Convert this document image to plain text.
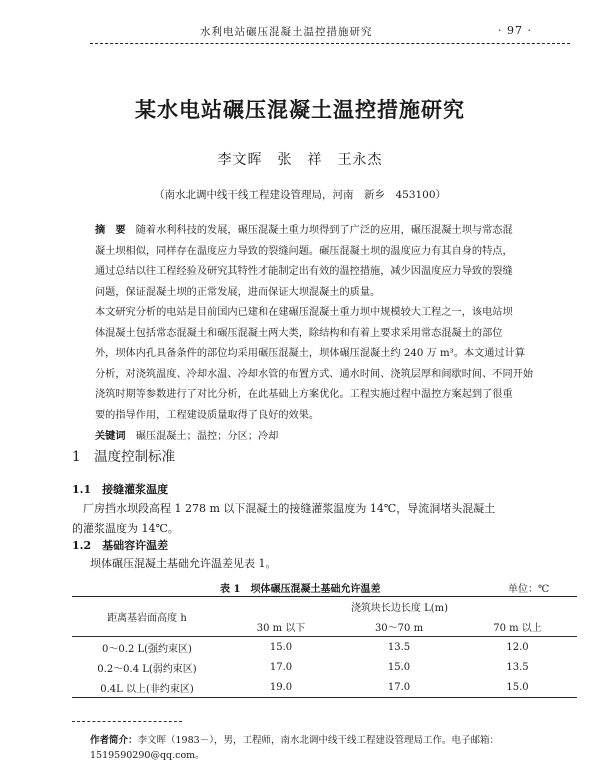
水利电站碾压混凝土温控措施研究	· 97 ·
某水电站碾压混凝土温控措施研究
李文晖　张　祥　王永杰
（南水北调中线干线工程建设管理局，河南　新乡　453100）

摘　要　 随着水利科技的发展，碾压混凝土重力坝得到了广泛的应用，碾压混凝土坝与常态混

凝土坝相似，同样存在温度应力导致的裂缝问题。碾压混凝土坝的温度应力有其自身的特点，

通过总结以往工程经验及研究其特性才能制定出有效的温控措施，减少因温度应力导致的裂缝

问题，保证混凝土坝的正常发展，进而保证大坝混凝土的质量。

本文研究分析的电站是目前国内已建和在建碾压混凝土重力坝中规模较大工程之一，该电站坝

体混凝土包括常态混凝土和碾压混凝土两大类，除结构和有着上要求采用常态混凝土的部位

外，坝体内孔具备条件的部位均采用碾压混凝土，坝体碾压混凝土约 240 万 m³。本文通过计算

分析，对浇筑温度、冷却水温、冷却水管的布置方式、通水时间、浇筑层厚和间歇时间、不同开始

浇筑时期等参数进行了对比分析，在此基础上方案优化。工程实施过程中温控方案起到了很重

要的指导作用，工程建设质量取得了良好的效果。

关键词　 碾压混凝土；温控；分区；冷却

1　 温度控制标准
1.1　 接缝灌浆温度
　厂房挡水坝段高程 1 278 m 以下混凝土的接缝灌浆温度为 14℃，导流洞堵头混凝土
的灌浆温度为 14℃。
1.2　 基础容许温差
坝体碾压混凝土基础允许温差见表 1。
表 1　坝体碾压混凝土基础允许温差	单位：℃
距离基岩面高度 h	浇筑块长边长度 L(m)		
	30 m 以下	30～70 m	70 m 以上
0～0.2 L(强约束区)	15.0	13.5	12.0
0.2～0.4 L(弱约束区)	17.0	15.0	13.5
0.4L 以上(非约束区)	19.0	17.0	15.0
作者简介：李文晖（1983－），男，工程师，南水北调中线干线工程建设管理局工作。电子邮箱：
1519590290@qq.com。
